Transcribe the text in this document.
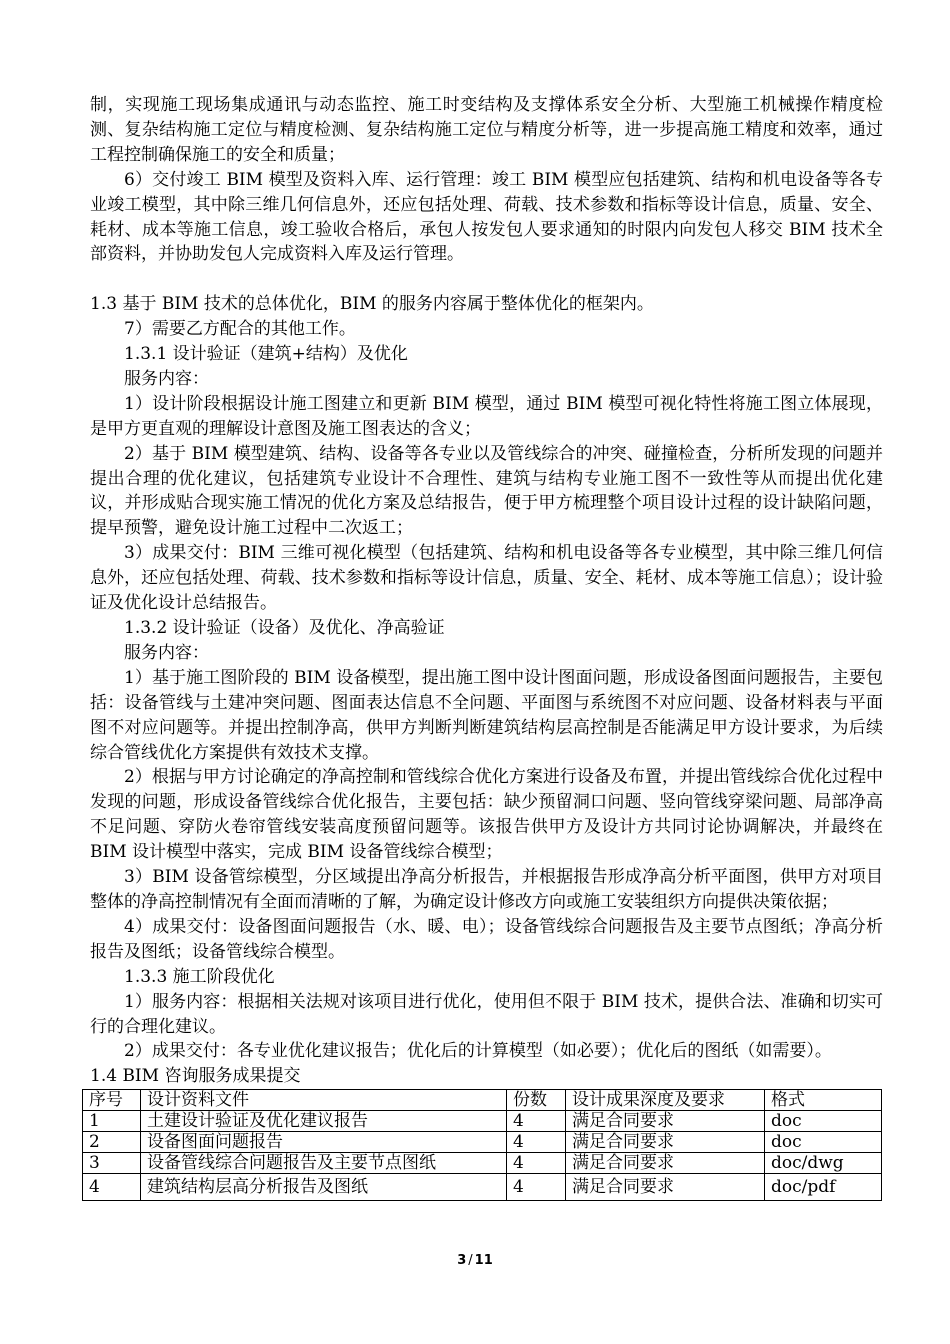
制，实现施工现场集成通讯与动态监控、施工时变结构及支撑体系安全分析、大型施工机械操作精度检测、复杂结构施工定位与精度检测、复杂结构施工定位与精度分析等，进一步提高施工精度和效率，通过工程控制确保施工的安全和质量；

6）交付竣工 BIM 模型及资料入库、运行管理：竣工 BIM 模型应包括建筑、结构和机电设备等各专业竣工模型，其中除三维几何信息外，还应包括处理、荷载、技术参数和指标等设计信息，质量、安全、耗材、成本等施工信息，竣工验收合格后，承包人按发包人要求通知的时限内向发包人移交 BIM 技术全部资料，并协助发包人完成资料入库及运行管理。

1.3 基于 BIM 技术的总体优化，BIM 的服务内容属于整体优化的框架内。

7）需要乙方配合的其他工作。

1.3.1 设计验证（建筑+结构）及优化

服务内容：

1）设计阶段根据设计施工图建立和更新 BIM 模型，通过 BIM 模型可视化特性将施工图立体展现，是甲方更直观的理解设计意图及施工图表达的含义；

2）基于 BIM 模型建筑、结构、设备等各专业以及管线综合的冲突、碰撞检查，分析所发现的问题并提出合理的优化建议，包括建筑专业设计不合理性、建筑与结构专业施工图不一致性等从而提出优化建议，并形成贴合现实施工情况的优化方案及总结报告，便于甲方梳理整个项目设计过程的设计缺陷问题，提早预警，避免设计施工过程中二次返工；

3）成果交付：BIM 三维可视化模型（包括建筑、结构和机电设备等各专业模型，其中除三维几何信息外，还应包括处理、荷载、技术参数和指标等设计信息，质量、安全、耗材、成本等施工信息）；设计验证及优化设计总结报告。

1.3.2 设计验证（设备）及优化、净高验证

服务内容：

1）基于施工图阶段的 BIM 设备模型，提出施工图中设计图面问题，形成设备图面问题报告，主要包括：设备管线与土建冲突问题、图面表达信息不全问题、平面图与系统图不对应问题、设备材料表与平面图不对应问题等。并提出控制净高，供甲方判断判断建筑结构层高控制是否能满足甲方设计要求，为后续综合管线优化方案提供有效技术支撑。

2）根据与甲方讨论确定的净高控制和管线综合优化方案进行设备及布置，并提出管线综合优化过程中发现的问题，形成设备管线综合优化报告，主要包括：缺少预留洞口问题、竖向管线穿梁问题、局部净高不足问题、穿防火卷帘管线安装高度预留问题等。该报告供甲方及设计方共同讨论协调解决，并最终在 BIM 设计模型中落实，完成 BIM 设备管线综合模型；

3）BIM 设备管综模型，分区域提出净高分析报告，并根据报告形成净高分析平面图，供甲方对项目整体的净高控制情况有全面而清晰的了解，为确定设计修改方向或施工安装组织方向提供决策依据；

4）成果交付：设备图面问题报告（水、暖、电）；设备管线综合问题报告及主要节点图纸；净高分析报告及图纸；设备管线综合模型。

1.3.3 施工阶段优化

1）服务内容：根据相关法规对该项目进行优化，使用但不限于 BIM 技术，提供合法、准确和切实可行的合理化建议。

2）成果交付：各专业优化建议报告；优化后的计算模型（如必要）；优化后的图纸（如需要）。

1.4 BIM 咨询服务成果提交

序号	设计资料文件	份数	设计成果深度及要求	格式
1	土建设计验证及优化建议报告	4	满足合同要求	doc
2	设备图面问题报告	4	满足合同要求	doc
3	设备管线综合问题报告及主要节点图纸	4	满足合同要求	doc/dwg
4	建筑结构层高分析报告及图纸	4	满足合同要求	doc/pdf
3 / 11
